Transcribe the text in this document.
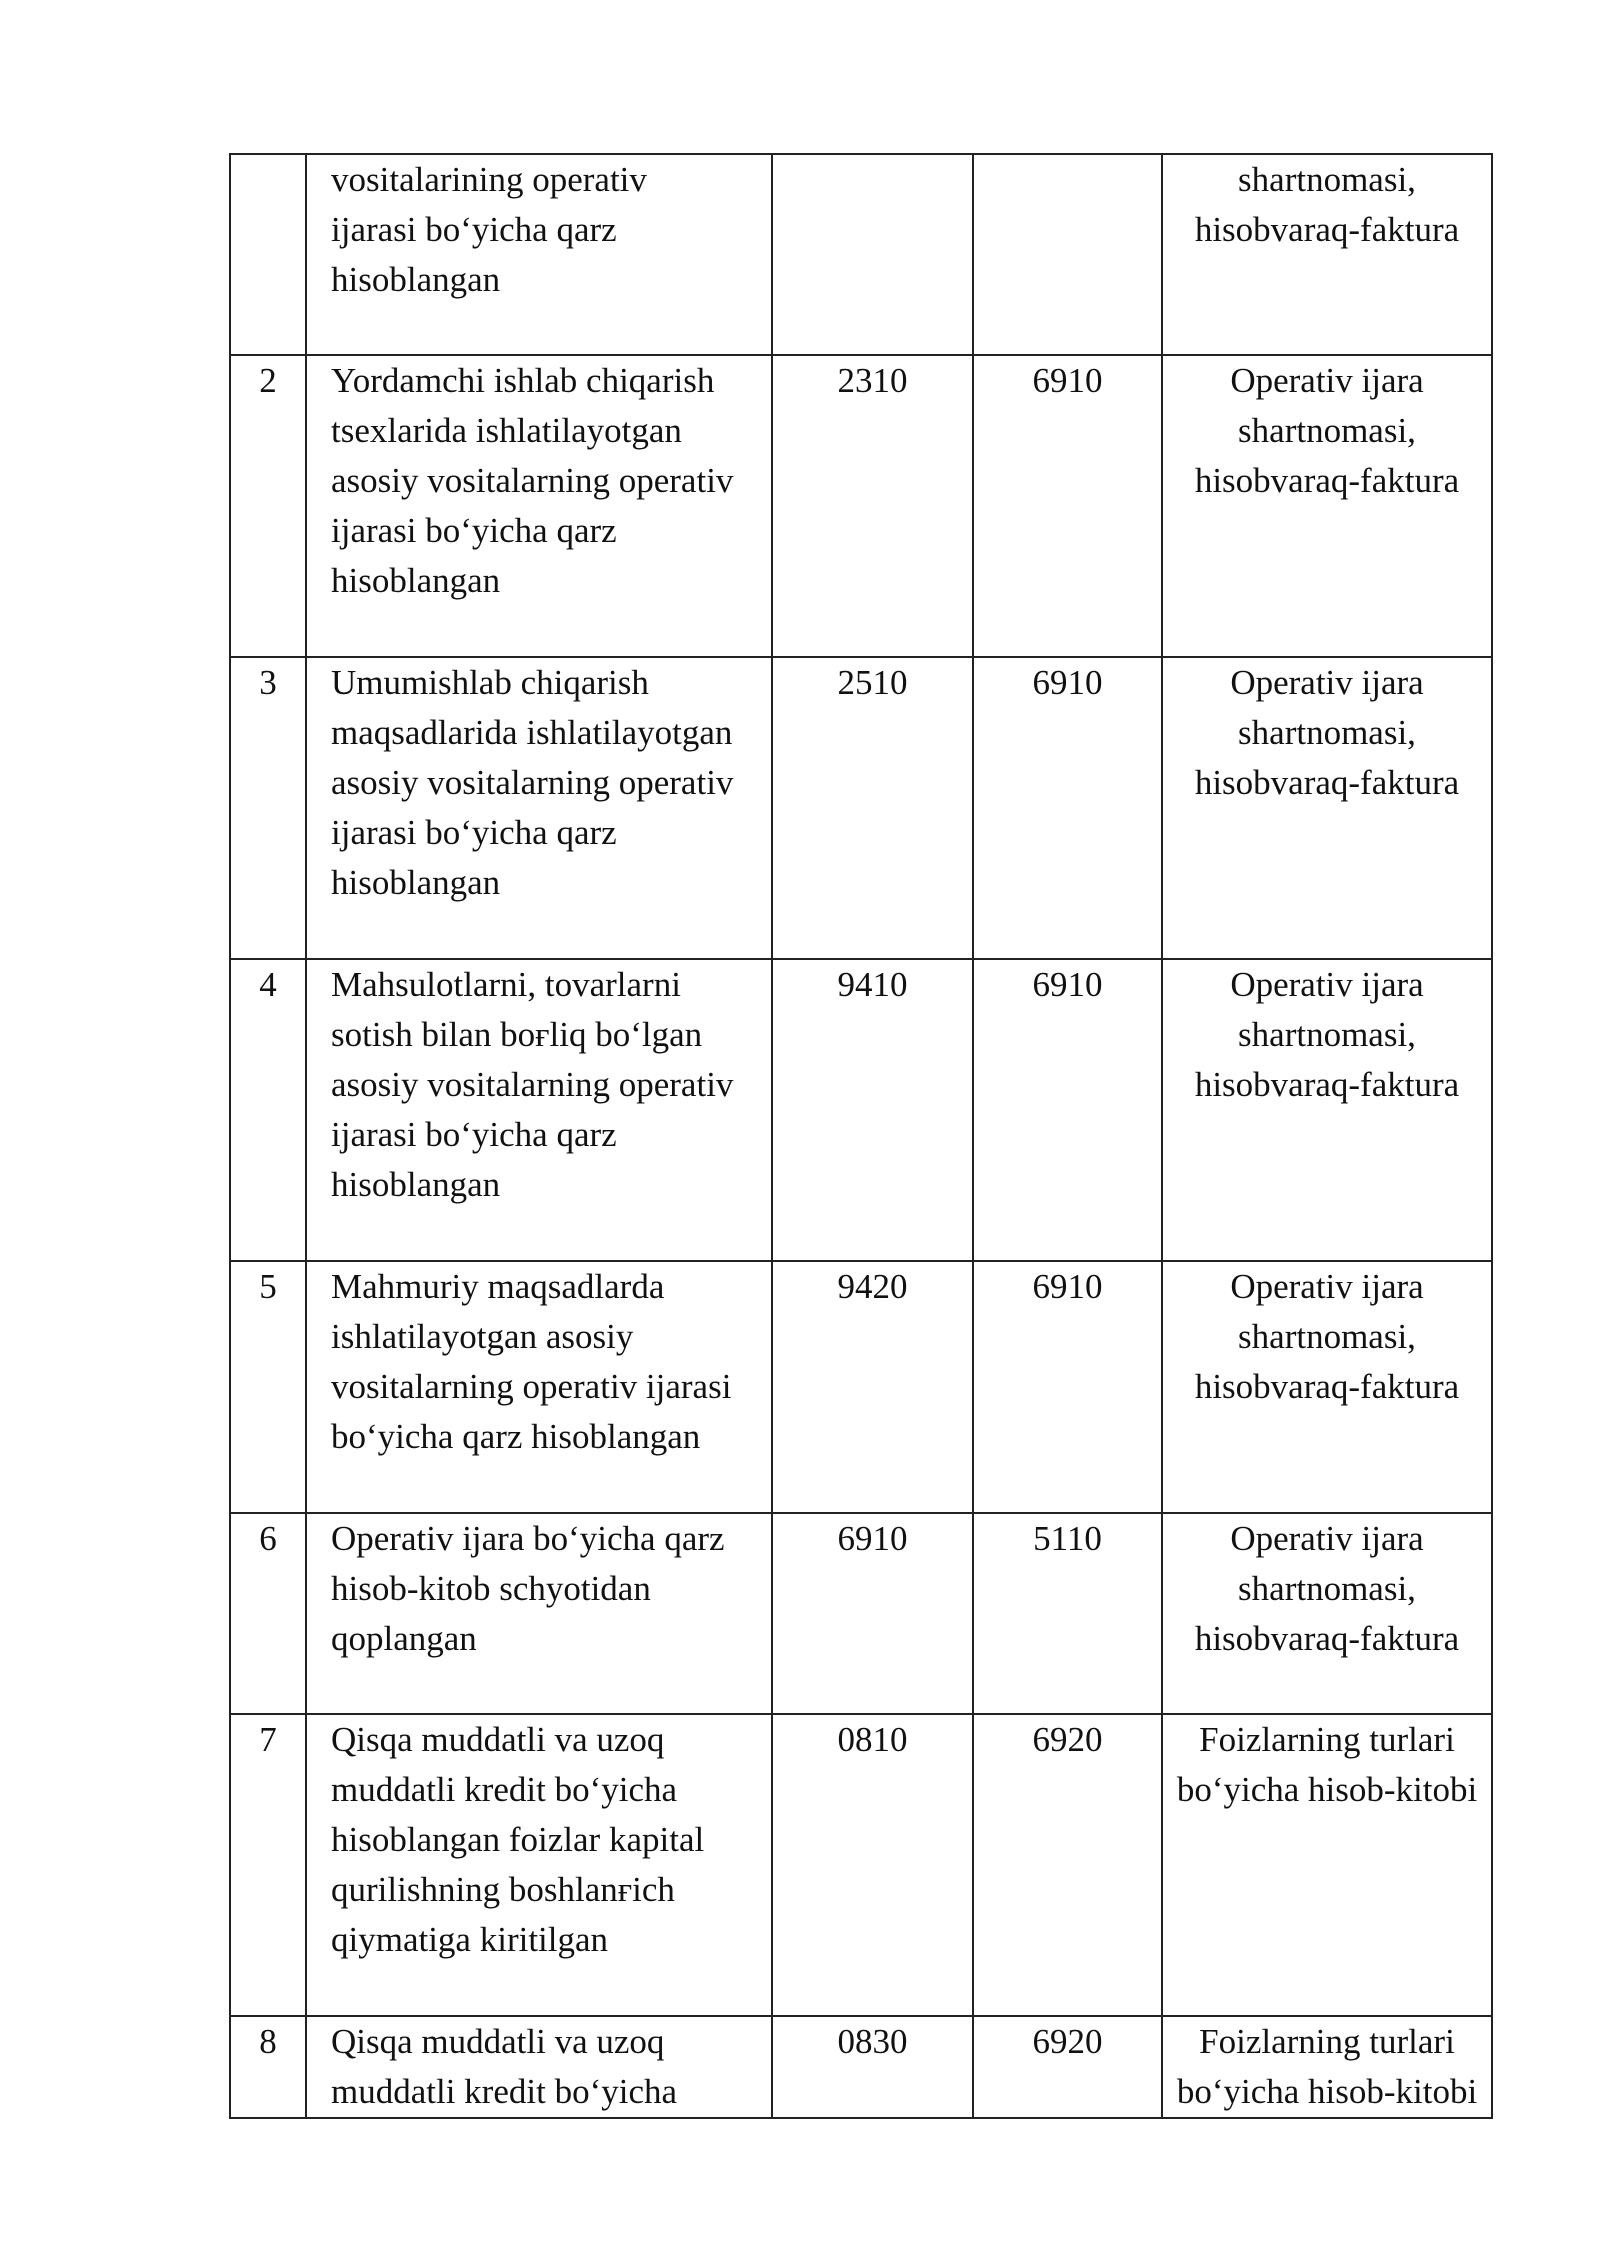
	vositalarining operativ
ijarasi bo‘yicha qarz
hisoblangan			shartnomasi,
hisobvaraq-faktura

2	Yordamchi ishlab chiqarish
tsexlarida ishlatilayotgan
asosiy vositalarning operativ
ijarasi bo‘yicha qarz
hisoblangan	2310	6910	Operativ ijara
shartnomasi,
hisobvaraq-faktura

3	Umumishlab chiqarish
maqsadlarida ishlatilayotgan
asosiy vositalarning operativ
ijarasi bo‘yicha qarz
hisoblangan	2510	6910	Operativ ijara
shartnomasi,
hisobvaraq-faktura

4	Mahsulotlarni, tovarlarni
sotish bilan boғliq bo‘lgan
asosiy vositalarning operativ
ijarasi bo‘yicha qarz
hisoblangan	9410	6910	Operativ ijara
shartnomasi,
hisobvaraq-faktura

5	Mahmuriy maqsadlarda
ishlatilayotgan asosiy
vositalarning operativ ijarasi
bo‘yicha qarz hisoblangan	9420	6910	Operativ ijara
shartnomasi,
hisobvaraq-faktura

6	Operativ ijara bo‘yicha qarz
hisob-kitob schyotidan
qoplangan	6910	5110	Operativ ijara
shartnomasi,
hisobvaraq-faktura

7	Qisqa muddatli va uzoq
muddatli kredit bo‘yicha
hisoblangan foizlar kapital
qurilishning boshlanғich
qiymatiga kiritilgan	0810	6920	Foizlarning turlari
bo‘yicha hisob-kitobi

8	Qisqa muddatli va uzoq
muddatli kredit bo‘yicha	0830	6920	Foizlarning turlari
bo‘yicha hisob-kitobi
